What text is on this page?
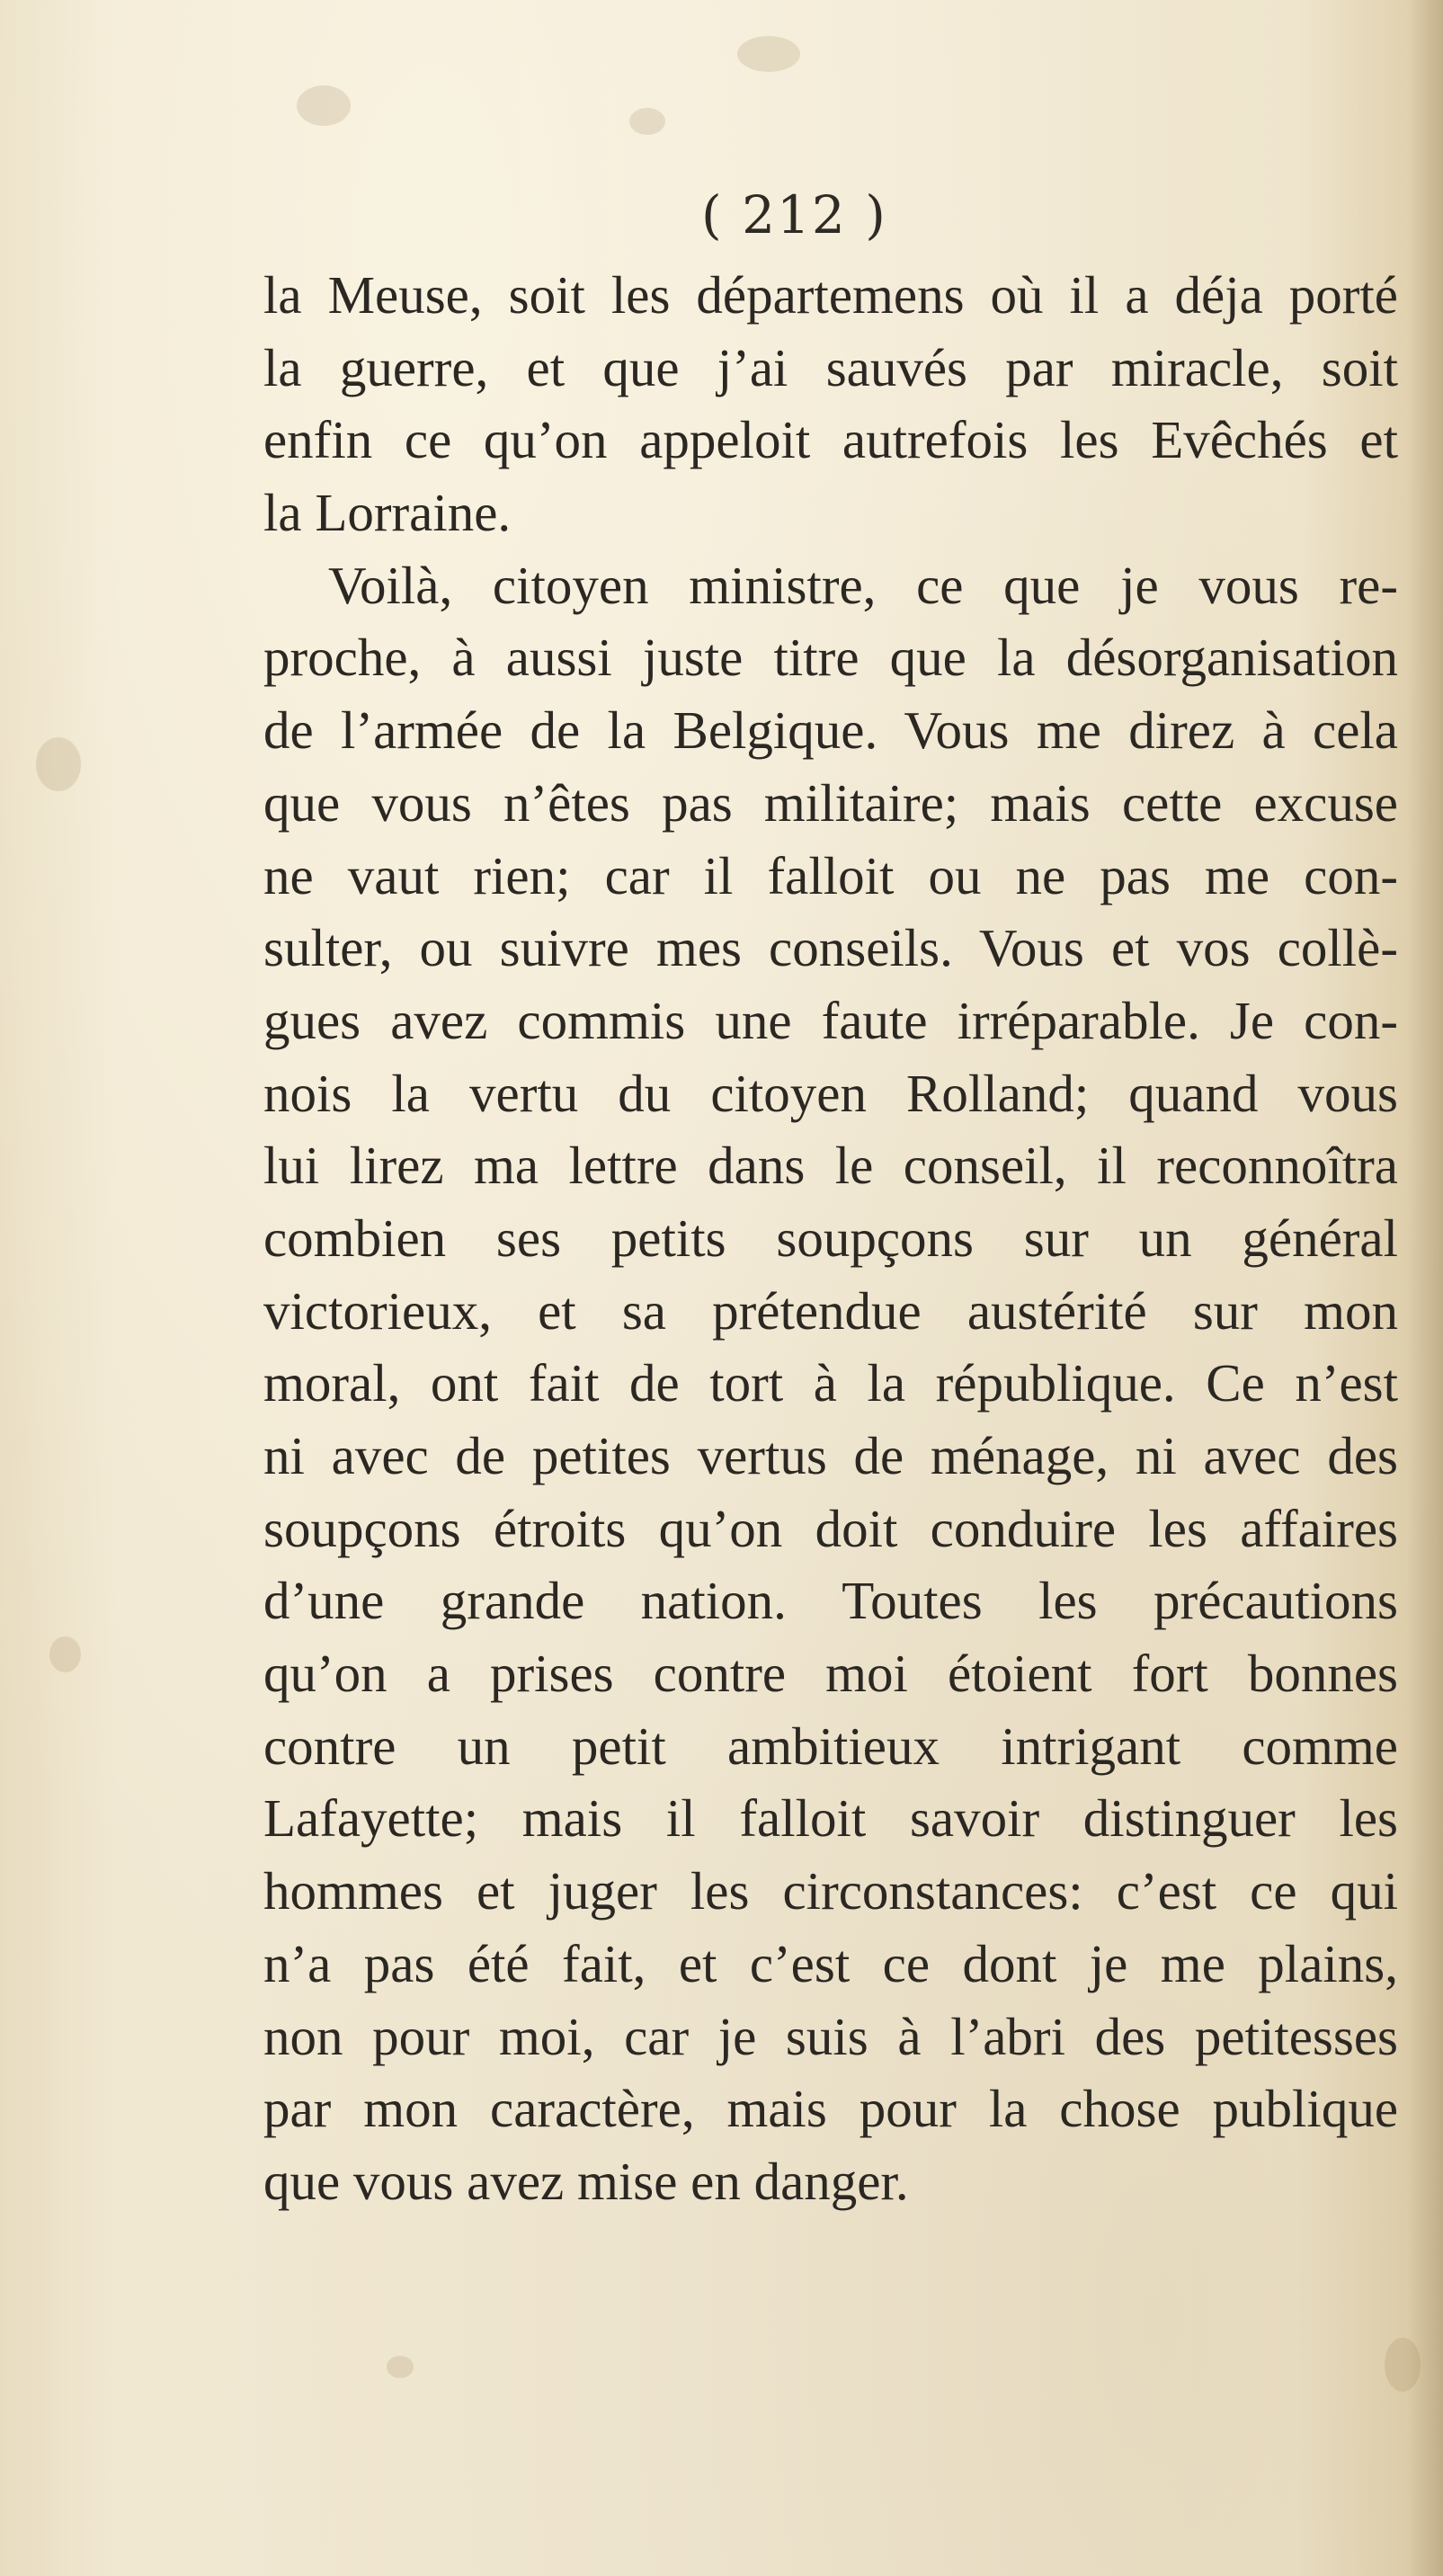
( 212 )
la Meuse, soit les départemens où il a déja porté
la guerre, et que j’ai sauvés par miracle, soit
enfin ce qu’on appeloit autrefois les Evêchés et
la Lorraine.
Voilà, citoyen ministre, ce que je vous re-
proche, à aussi juste titre que la désorganisation
de l’armée de la Belgique. Vous me direz à cela
que vous n’êtes pas militaire; mais cette excuse
ne vaut rien; car il falloit ou ne pas me con-
sulter, ou suivre mes conseils. Vous et vos collè-
gues avez commis une faute irréparable. Je con-
nois la vertu du citoyen Rolland; quand vous
lui lirez ma lettre dans le conseil, il reconnoîtra
combien ses petits soupçons sur un général
victorieux, et sa prétendue austérité sur mon
moral, ont fait de tort à la république. Ce n’est
ni avec de petites vertus de ménage, ni avec des
soupçons étroits qu’on doit conduire les affaires
d’une grande nation. Toutes les précautions
qu’on a prises contre moi étoient fort bonnes
contre un petit ambitieux intrigant comme
Lafayette; mais il falloit savoir distinguer les
hommes et juger les circonstances: c’est ce qui
n’a pas été fait, et c’est ce dont je me plains,
non pour moi, car je suis à l’abri des petitesses
par mon caractère, mais pour la chose publique
que vous avez mise en danger.
